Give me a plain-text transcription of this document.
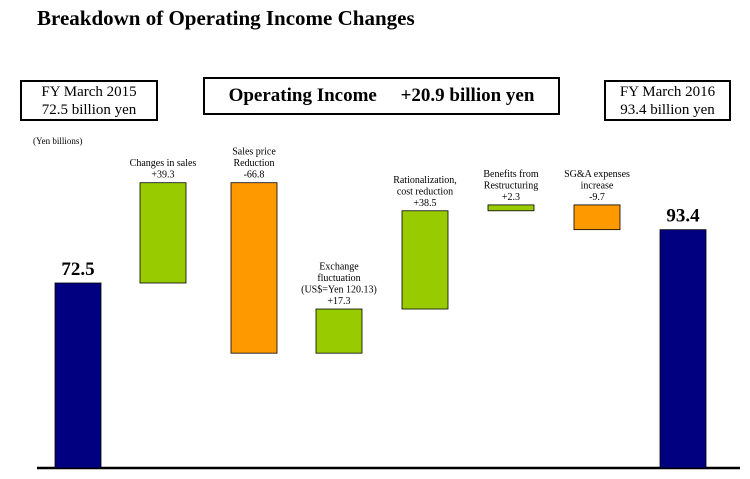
Breakdown of Operating Income Changes
FY March 2015
72.5 billion yen
Operating Income +20.9 billion yen	FY March 2016
93.4 billion yen
(Yen billions)
72.5
Changes in sales
+39.3
Sales price
Reduction
-66.8
Exchange
fluctuation
(US$=Yen 120.13)
+17.3
Rationalization,
cost reduction
+38.5
Benefits from
Restructuring
+2.3
SG&A expenses
increase
-9.7
93.4
